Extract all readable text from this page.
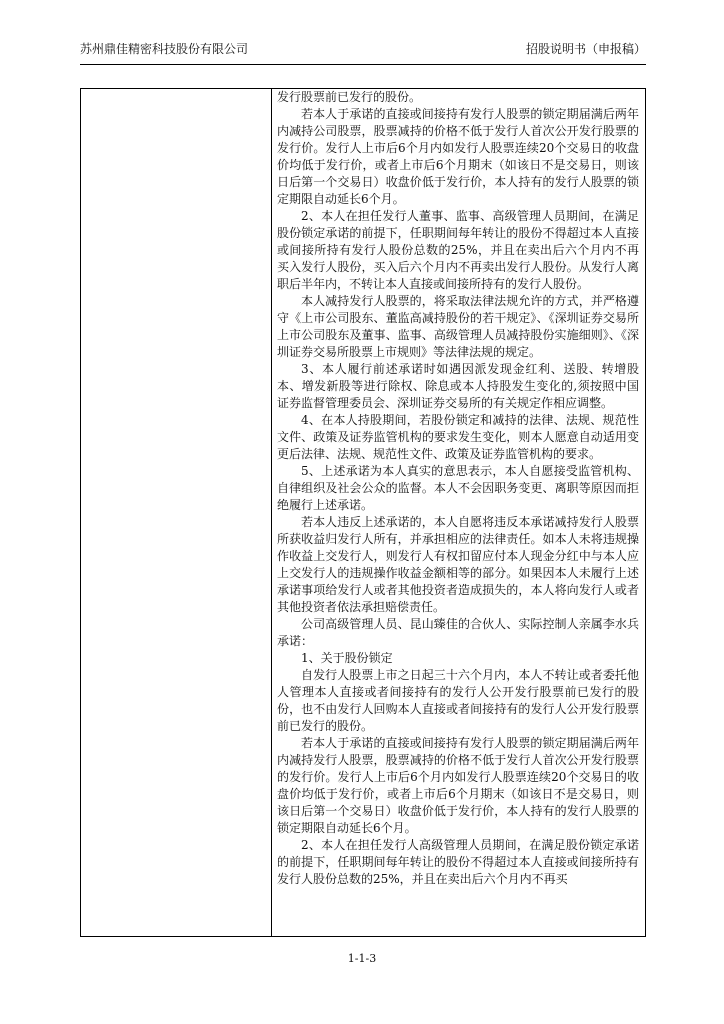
苏州鼎佳精密科技股份有限公司	招股说明书（申报稿）

发行股票前已发行的股份。

若本人于承诺的直接或间接持有发行人股票的锁定期届满后两年内减持公司股票，股票减持的价格不低于发行人首次公开发行股票的发行价。发行人上市后6个月内如发行人股票连续20个交易日的收盘价均低于发行价，或者上市后6个月期末（如该日不是交易日，则该日后第一个交易日）收盘价低于发行价，本人持有的发行人股票的锁定期限自动延长6个月。

2、本人在担任发行人董事、监事、高级管理人员期间，在满足股份锁定承诺的前提下，任职期间每年转让的股份不得超过本人直接或间接所持有发行人股份总数的25%，并且在卖出后六个月内不再买入发行人股份，买入后六个月内不再卖出发行人股份。从发行人离职后半年内，不转让本人直接或间接所持有的发行人股份。

本人减持发行人股票的，将采取法律法规允许的方式，并严格遵守《上市公司股东、董监高减持股份的若干规定》、《深圳证券交易所上市公司股东及董事、监事、高级管理人员减持股份实施细则》、《深圳证券交易所股票上市规则》等法律法规的规定。

3、本人履行前述承诺时如遇因派发现金红利、送股、转增股本、增发新股等进行除权、除息或本人持股发生变化的,须按照中国证券监督管理委员会、深圳证券交易所的有关规定作相应调整。

4、在本人持股期间，若股份锁定和减持的法律、法规、规范性文件、政策及证券监管机构的要求发生变化，则本人愿意自动适用变更后法律、法规、规范性文件、政策及证券监管机构的要求。

5、上述承诺为本人真实的意思表示，本人自愿接受监管机构、自律组织及社会公众的监督。本人不会因职务变更、离职等原因而拒绝履行上述承诺。

若本人违反上述承诺的，本人自愿将违反本承诺减持发行人股票所获收益归发行人所有，并承担相应的法律责任。如本人未将违规操作收益上交发行人，则发行人有权扣留应付本人现金分红中与本人应上交发行人的违规操作收益金额相等的部分。如果因本人未履行上述承诺事项给发行人或者其他投资者造成损失的，本人将向发行人或者其他投资者依法承担赔偿责任。

公司高级管理人员、昆山臻佳的合伙人、实际控制人亲属李水兵承诺：

1、关于股份锁定

自发行人股票上市之日起三十六个月内，本人不转让或者委托他人管理本人直接或者间接持有的发行人公开发行股票前已发行的股份，也不由发行人回购本人直接或者间接持有的发行人公开发行股票前已发行的股份。

若本人于承诺的直接或间接持有发行人股票的锁定期届满后两年内减持发行人股票，股票减持的价格不低于发行人首次公开发行股票的发行价。发行人上市后6个月内如发行人股票连续20个交易日的收盘价均低于发行价，或者上市后6个月期末（如该日不是交易日，则该日后第一个交易日）收盘价低于发行价，本人持有的发行人股票的锁定期限自动延长6个月。

2、本人在担任发行人高级管理人员期间，在满足股份锁定承诺的前提下，任职期间每年转让的股份不得超过本人直接或间接所持有发行人股份总数的25%，并且在卖出后六个月内不再买

1-1-3
